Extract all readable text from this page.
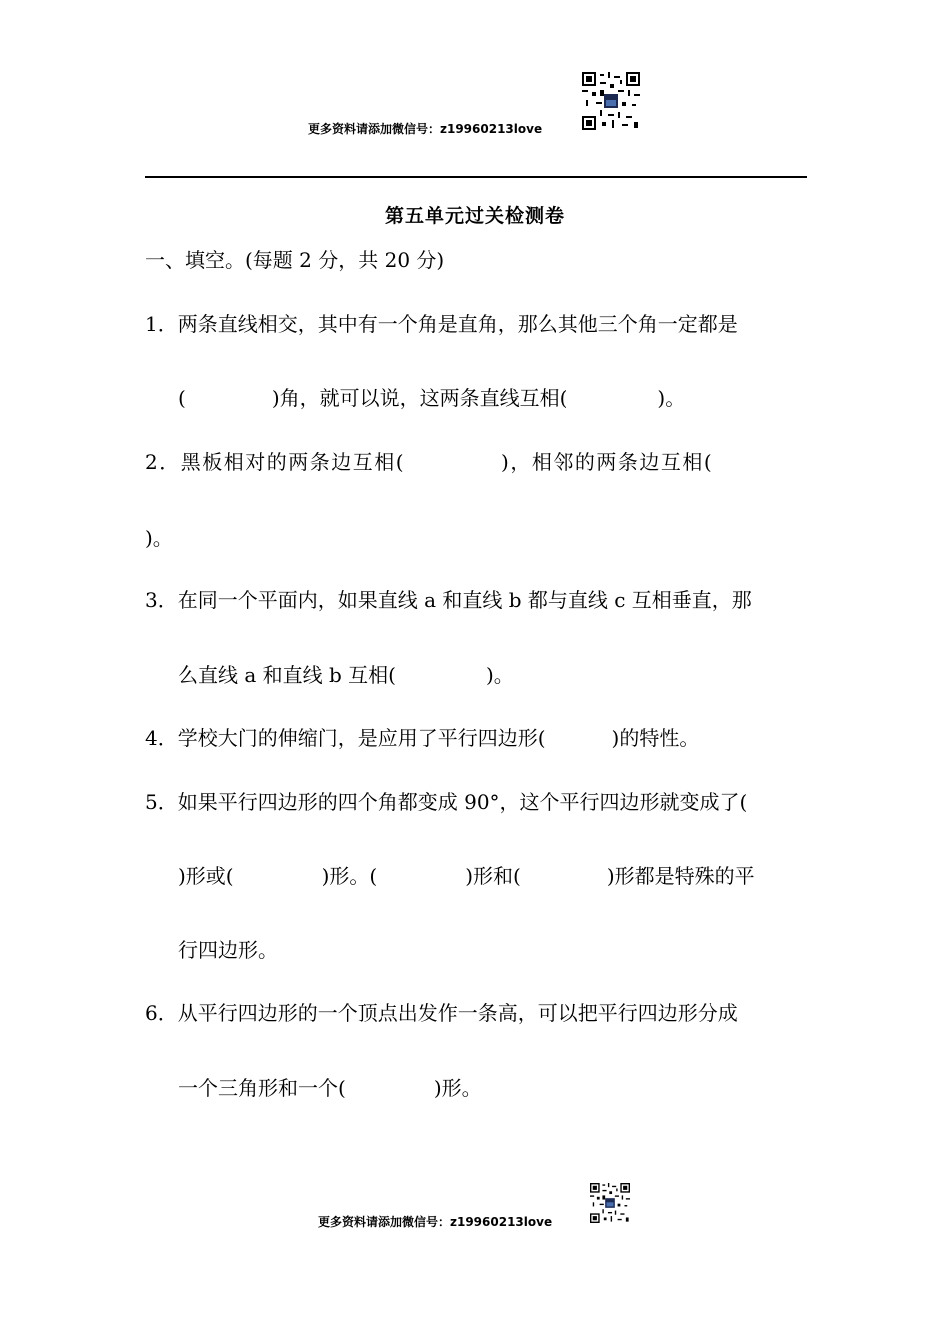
更多资料请添加微信号：z19960213love
第五单元过关检测卷
一、填空。(每题 2 分，共 20 分)
1．两条直线相交，其中有一个角是直角，那么其他三个角一定都是
(	)角，就可以说，这两条直线互相(	)。
2．黑板相对的两条边互相(	)，相邻的两条边互相(
)。
3．在同一个平面内，如果直线 a 和直线 b 都与直线 c 互相垂直，那
么直线 a 和直线 b 互相(	)。
4．学校大门的伸缩门，是应用了平行四边形(	)的特性。
5．如果平行四边形的四个角都变成 90°，这个平行四边形就变成了(
)形或(	)形。(	)形和(	)形都是特殊的平
行四边形。
6．从平行四边形的一个顶点出发作一条高，可以把平行四边形分成
一个三角形和一个(	)形。
更多资料请添加微信号：z19960213love
